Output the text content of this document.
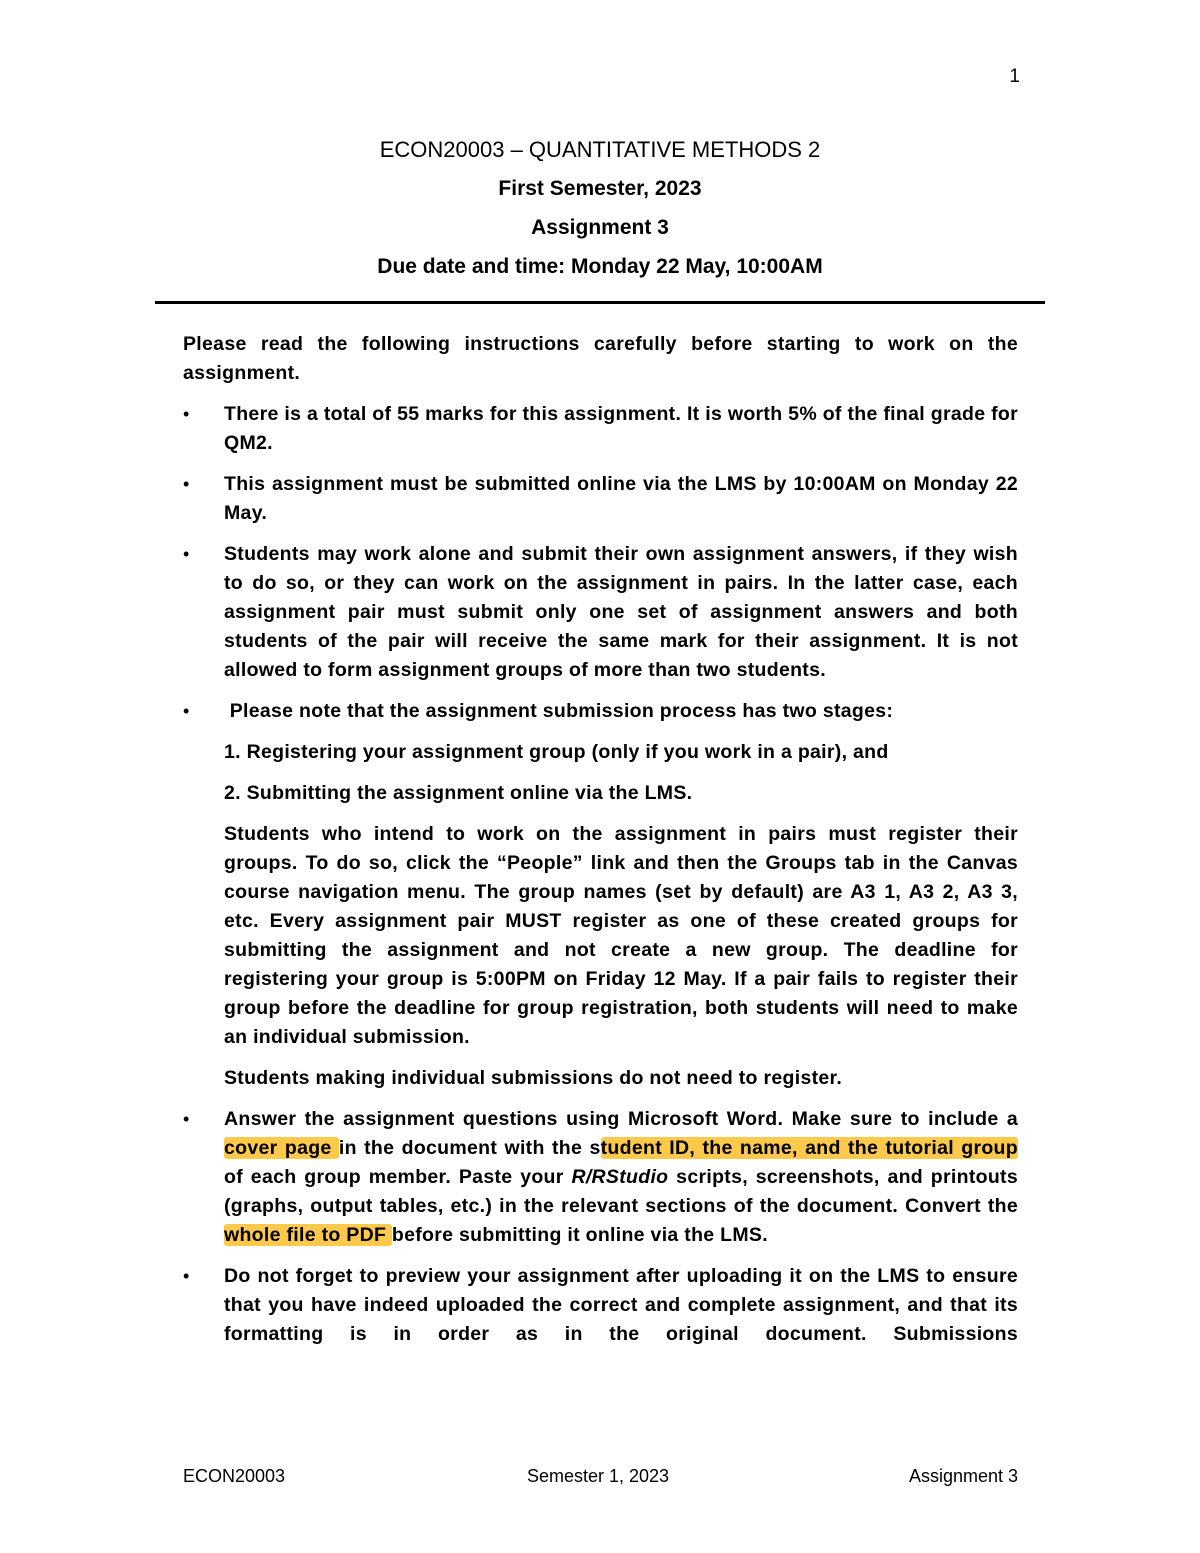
1
ECON20003 – QUANTITATIVE METHODS 2
First Semester, 2023
Assignment 3
Due date and time: Monday 22 May, 10:00AM
Please read the following instructions carefully before starting to work on the assignment.
• There is a total of 55 marks for this assignment. It is worth 5% of the final grade for QM2.
• This assignment must be submitted online via the LMS by 10:00AM on Monday 22 May.
• Students may work alone and submit their own assignment answers, if they wish to do so, or they can work on the assignment in pairs. In the latter case, each assignment pair must submit only one set of assignment answers and both students of the pair will receive the same mark for their assignment. It is not allowed to form assignment groups of more than two students.
•  Please note that the assignment submission process has two stages:
1. Registering your assignment group (only if you work in a pair), and
2. Submitting the assignment online via the LMS.
Students who intend to work on the assignment in pairs must register their groups. To do so, click the “People” link and then the Groups tab in the Canvas course navigation menu. The group names (set by default) are A3 1, A3 2, A3 3, etc. Every assignment pair MUST register as one of these created groups for submitting the assignment and not create a new group. The deadline for registering your group is 5:00PM on Friday 12 May. If a pair fails to register their group before the deadline for group registration, both students will need to make an individual submission.
Students making individual submissions do not need to register.
• Answer the assignment questions using Microsoft Word. Make sure to include a cover page in the document with the student ID, the name, and the tutorial group of each group member. Paste your R/RStudio scripts, screenshots, and printouts (graphs, output tables, etc.) in the relevant sections of the document. Convert the whole file to PDF before submitting it online via the LMS.
• Do not forget to preview your assignment after uploading it on the LMS to ensure that you have indeed uploaded the correct and complete assignment, and that its formatting is in order as in the original document. Submissions
ECON20003	Semester 1, 2023	Assignment 3
